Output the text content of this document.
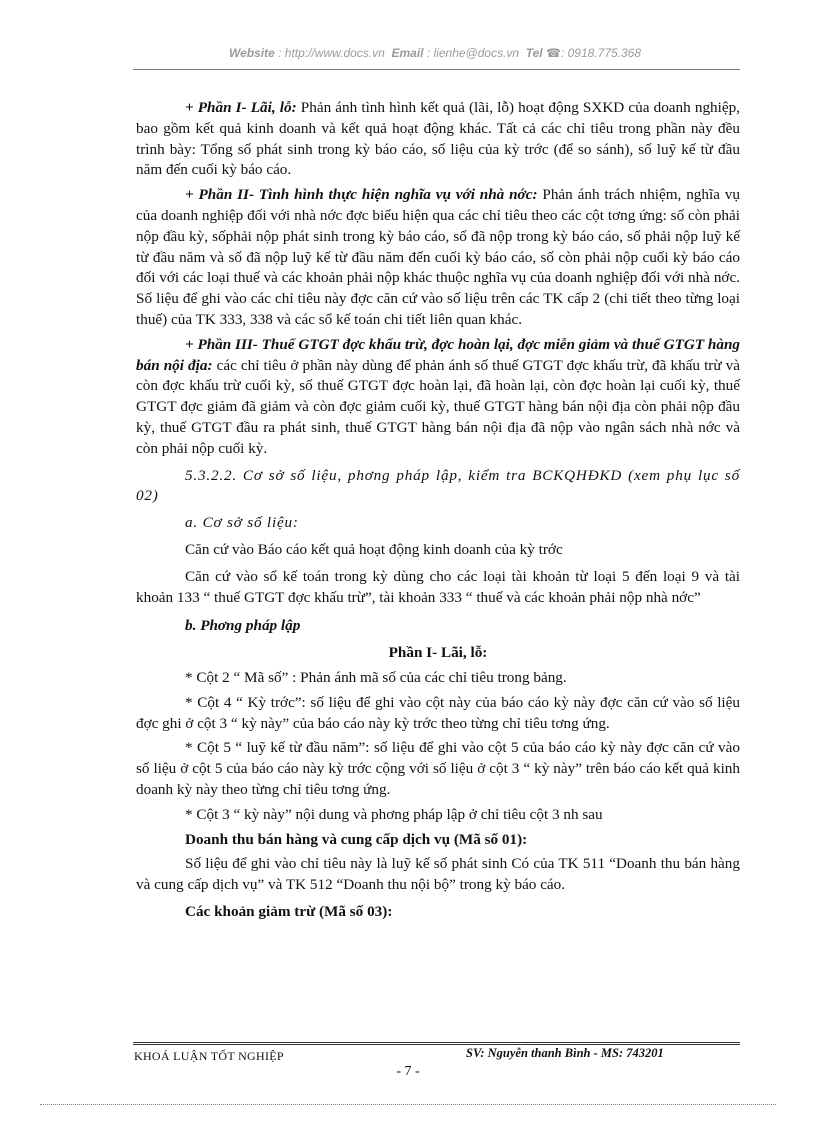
Website : http://www.docs.vn Email : lienhe@docs.vn Tel ☎: 0918.775.368

+ Phần I- Lãi, lỗ: Phản ánh tình hình kết quả (lãi, lỗ) hoạt động SXKD của doanh nghiệp, bao gồm kết quả kinh doanh và kết quả hoạt động khác. Tất cả các chỉ tiêu trong phần này đều trình bày: Tổng số phát sinh trong kỳ báo cáo, số liệu của kỳ trớc (để so sánh), số luỹ kế từ đầu năm đến cuối kỳ báo cáo.

+ Phần II- Tình hình thực hiện nghĩa vụ với nhà nớc: Phản ánh trách nhiệm, nghĩa vụ của doanh nghiệp đối với nhà nớc đợc biểu hiện qua các chỉ tiêu theo các cột tơng ứng: số còn phải nộp đầu kỳ, sốphải nộp phát sinh trong kỳ báo cáo, số đã nộp trong kỳ báo cáo, số phải nộp luỹ kế từ đầu năm và số đã nộp luỹ kế từ đầu năm đến cuối kỳ báo cáo, số còn phải nộp cuối kỳ báo cáo đối với các loại thuế và các khoản phải nộp khác thuộc nghĩa vụ của doanh nghiệp đối với nhà nớc. Số liệu để ghi vào các chỉ tiêu này đợc căn cứ vào số liệu trên các TK cấp 2 (chi tiết theo từng loại thuế) của TK 333, 338 và các sổ kế toán chi tiết liên quan khác.

+ Phần III- Thuế GTGT đợc khấu trừ, đợc hoàn lại, đợc miễn giảm và thuế GTGT hàng bán nội địa: các chỉ tiêu ở phần này dùng để phản ánh số thuế GTGT đợc khấu trừ, đã khấu trừ và còn đợc khấu trừ cuối kỳ, số thuế GTGT đợc hoàn lại, đã hoàn lại, còn đợc hoàn lại cuối kỳ, thuế GTGT đợc giảm đã giảm và còn đợc giảm cuối kỳ, thuế GTGT hàng bán nội địa còn phải nộp đầu kỳ, thuế GTGT đầu ra phát sinh, thuế GTGT hàng bán nội địa đã nộp vào ngân sách nhà nớc và còn phải nộp cuối kỳ.

5.3.2.2. Cơ sở số liệu, phơng pháp lập, kiểm tra BCKQHĐKD (xem phụ lục số 02)

a. Cơ sở số liệu:

Căn cứ vào Báo cáo kết quả hoạt động kinh doanh của kỳ trớc

Căn cứ vào sổ kế toán trong kỳ dùng cho các loại tài khoản từ loại 5 đến loại 9 và tài khoản 133 “ thuế GTGT đợc khấu trừ”, tài khoản 333 “ thuế và các khoản phải nộp nhà nớc”

b. Phơng pháp lập

Phần I- Lãi, lỗ:

* Cột 2 “ Mã số” : Phản ánh mã số của các chỉ tiêu trong bảng.

* Cột 4 “ Kỳ trớc”: số liệu để ghi vào cột này của báo cáo kỳ này đợc căn cứ vào số liệu đợc ghi ở cột 3 “ kỳ này” của báo cáo này kỳ trớc theo từng chỉ tiêu tơng ứng.

* Cột 5 “ luỹ kế từ đầu năm”: số liệu để ghi vào cột 5 của báo cáo kỳ này đợc căn cứ vào số liệu ở cột 5 của báo cáo này kỳ trớc cộng với số liệu ở cột 3 “ kỳ này” trên báo cáo kết quả kinh doanh kỳ này theo từng chỉ tiêu tơng ứng.

* Cột 3 “ kỳ này” nội dung và phơng pháp lập ở chỉ tiêu cột 3 nh sau

Doanh thu bán hàng và cung cấp dịch vụ (Mã số 01):

Số liệu để ghi vào chỉ tiêu này là luỹ kế số phát sinh Có của TK 511 “Doanh thu bán hàng và cung cấp dịch vụ” và TK 512 “Doanh thu nội bộ” trong kỳ báo cáo.

Các khoản giảm trừ (Mã số 03):

KHOÁ LUẬN TỐT NGHIỆP	SV: Nguyễn thanh Bình - MS: 743201
- 7 -
